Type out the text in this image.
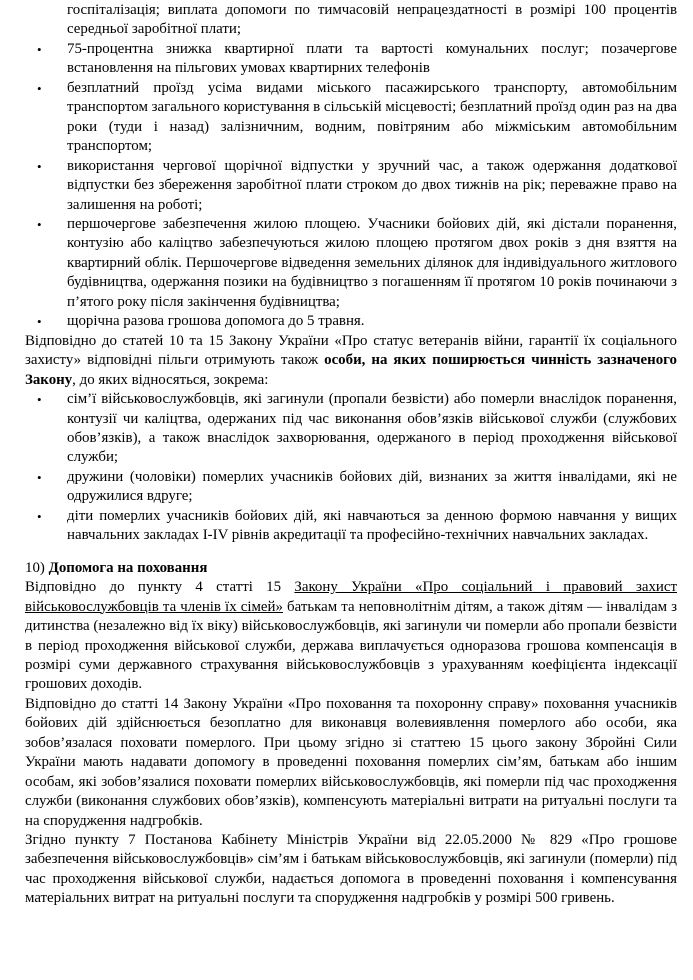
госпіталізація; виплата допомоги по тимчасовій непрацездатності в розмірі 100 процентів середньої заробітної плати;

• 75-процентна знижка квартирної плати та вартості комунальних послуг; позачергове встановлення на пільгових умовах квартирних телефонів
• безплатний проїзд усіма видами міського пасажирського транспорту, автомобільним транспортом загального користування в сільській місцевості; безплатний проїзд один раз на два роки (туди і назад) залізничним, водним, повітряним або міжміським автомобільним транспортом;
• використання чергової щорічної відпустки у зручний час, а також одержання додаткової відпустки без збереження заробітної плати строком до двох тижнів на рік; переважне право на залишення на роботі;
• першочергове забезпечення жилою площею. Учасники бойових дій, які дістали поранення, контузію або каліцтво забезпечуються жилою площею протягом двох років з дня взяття на квартирний облік. Першочергове відведення земельних ділянок для індивідуального житлового будівництва, одержання позики на будівництво з погашенням її протягом 10 років починаючи з п’ятого року після закінчення будівництва;
• щорічна разова грошова допомога до 5 травня.

Відповідно до статей 10 та 15 Закону України «Про статус ветеранів війни, гарантії їх соціального захисту» відповідні пільги отримують також особи, на яких поширюється чинність зазначеного Закону, до яких відносяться, зокрема:

• сім’ї військовослужбовців, які загинули (пропали безвісти) або померли внаслідок поранення, контузії чи каліцтва, одержаних під час виконання обов’язків військової служби (службових обов’язків), а також внаслідок захворювання, одержаного в період проходження військової служби;
• дружини (чоловіки) померлих учасників бойових дій, визнаних за життя інвалідами, які не одружилися вдруге;
• діти померлих учасників бойових дій, які навчаються за денною формою навчання у вищих навчальних закладах І-ІV рівнів акредитації та професійно-технічних навчальних закладах.

10) Допомога на поховання

Відповідно до пункту 4 статті 15 Закону України «Про соціальний і правовий захист військовослужбовців та членів їх сімей» батькам та неповнолітнім дітям, а також дітям — інвалідам з дитинства (незалежно від їх віку) військовослужбовців, які загинули чи померли або пропали безвісти в період проходження військової служби, держава виплачується одноразова грошова компенсація в розмірі суми державного страхування військовослужбовців з урахуванням коефіцієнта індексації грошових доходів.

Відповідно до статті 14 Закону України «Про поховання та похоронну справу» поховання учасників бойових дій здійснюється безоплатно для виконавця волевиявлення померлого або особи, яка зобов’язалася поховати померлого. При цьому згідно зі статтею 15 цього закону Збройні Сили України мають надавати допомогу в проведенні поховання померлих сім’ям, батькам або іншим особам, які зобов’язалися поховати померлих військовослужбовців, які померли під час проходження служби (виконання службових обов’язків), компенсують матеріальні витрати на ритуальні послуги та на спорудження надгробків.

Згідно пункту 7 Постанова Кабінету Міністрів України від 22.05.2000 № 829 «Про грошове забезпечення військовослужбовців» сім’ям і батькам військовослужбовців, які загинули (померли) під час проходження військової служби, надається допомога в проведенні поховання і компенсування матеріальних витрат на ритуальні послуги та спорудження надгробків у розмірі 500 гривень.
